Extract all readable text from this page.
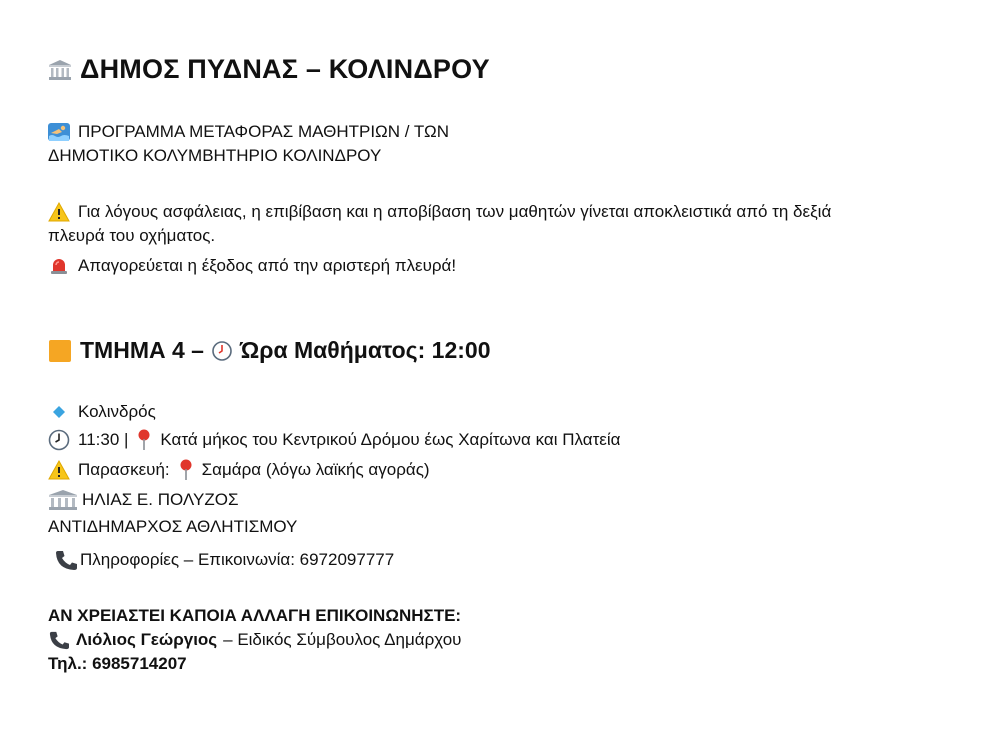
ΔΗΜΟΣ ΠΥΔΝΑΣ – ΚΟΛΙΝΔΡΟΥ
ΠΡΟΓΡΑΜΜΑ ΜΕΤΑΦΟΡΑΣ ΜΑΘΗΤΡΙΩΝ / ΤΩΝ
ΔΗΜΟΤΙΚΟ ΚΟΛΥΜΒΗΤΗΡΙΟ ΚΟΛΙΝΔΡΟΥ
Για λόγους ασφάλειας, η επιβίβαση και η αποβίβαση των μαθητών γίνεται αποκλειστικά από τη δεξιά
πλευρά του οχήματος.
Απαγορεύεται η έξοδος από την αριστερή πλευρά!
ΤΜΗΜΑ 4 – Ώρα Μαθήματος: 12:00
Κολινδρός
11:30 | Κατά μήκος του Κεντρικού Δρόμου έως Χαρίτωνα και Πλατεία
Παρασκευή: Σαμάρα (λόγω λαϊκής αγοράς)
ΗΛΙΑΣ Ε. ΠΟΛΥΖΟΣ
ΑΝΤΙΔΗΜΑΡΧΟΣ ΑΘΛΗΤΙΣΜΟΥ
Πληροφορίες – Επικοινωνία: 6972097777
ΑΝ ΧΡΕΙΑΣΤΕΙ ΚΑΠΟΙΑ ΑΛΛΑΓΗ ΕΠΙΚΟΙΝΩΝΗΣΤΕ:
Λιόλιος Γεώργιος – Ειδικός Σύμβουλος Δημάρχου
Τηλ.: 6985714207
